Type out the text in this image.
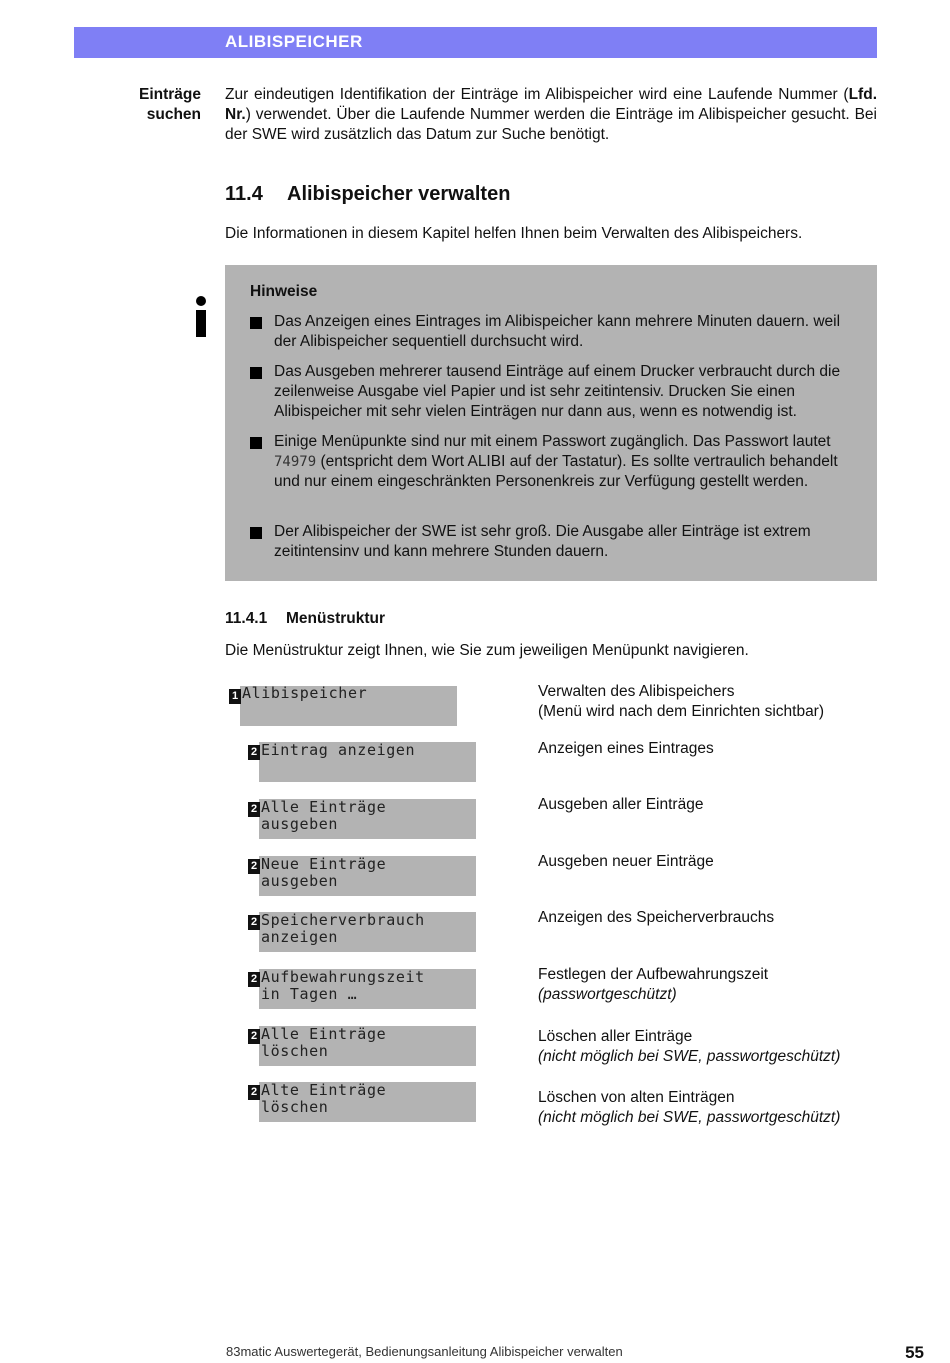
ALIBISPEICHER
Einträge
suchen
Zur eindeutigen Identifikation der Einträge im Alibispeicher wird eine Laufende Nummer (Lfd. Nr.) verwendet. Über die Laufende Nummer werden die Einträge im Alibispeicher gesucht. Bei der SWE wird zusätzlich das Datum zur Suche benötigt.
11.4 Alibispeicher verwalten
Die Informationen in diesem Kapitel helfen Ihnen beim Verwalten des Alibispeichers.
Hinweise
Das Anzeigen eines Eintrages im Alibispeicher kann mehrere Minuten dauern. weil der Alibispeicher sequentiell durchsucht wird.
Das Ausgeben mehrerer tausend Einträge auf einem Drucker verbraucht durch die zeilenweise Ausgabe viel Papier und ist sehr zeitintensiv. Drucken Sie einen Alibispeicher mit sehr vielen Einträgen nur dann aus, wenn es notwendig ist.
Einige Menüpunkte sind nur mit einem Passwort zugänglich. Das Passwort lautet 74979 (entspricht dem Wort ALIBI auf der Tastatur). Es sollte vertraulich behandelt und nur einem eingeschränkten Personenkreis zur Verfügung gestellt werden.
Der Alibispeicher der SWE ist sehr groß. Die Ausgabe aller Einträge ist extrem zeitintensinv und kann mehrere Stunden dauern.
11.4.1 Menüstruktur
Die Menüstruktur zeigt Ihnen, wie Sie zum jeweiligen Menüpunkt navigieren.
1 Alibispeicher
2 Eintrag anzeigen
2 Alle Einträge
ausgeben
2 Neue Einträge
ausgeben
2 Speicherverbrauch
anzeigen
2 Aufbewahrungszeit
in Tagen …
2 Alle Einträge
löschen
2 Alte Einträge
löschen
Verwalten des Alibispeichers
(Menü wird nach dem Einrichten sichtbar)
Anzeigen eines Eintrages
Ausgeben aller Einträge
Ausgeben neuer Einträge
Anzeigen des Speicherverbrauchs
Festlegen der Aufbewahrungszeit
(passwortgeschützt)
Löschen aller Einträge
(nicht möglich bei SWE, passwortgeschützt)
Löschen von alten Einträgen
(nicht möglich bei SWE, passwortgeschützt)
83matic Auswertegerät, Bedienungsanleitung Alibispeicher verwalten	55
